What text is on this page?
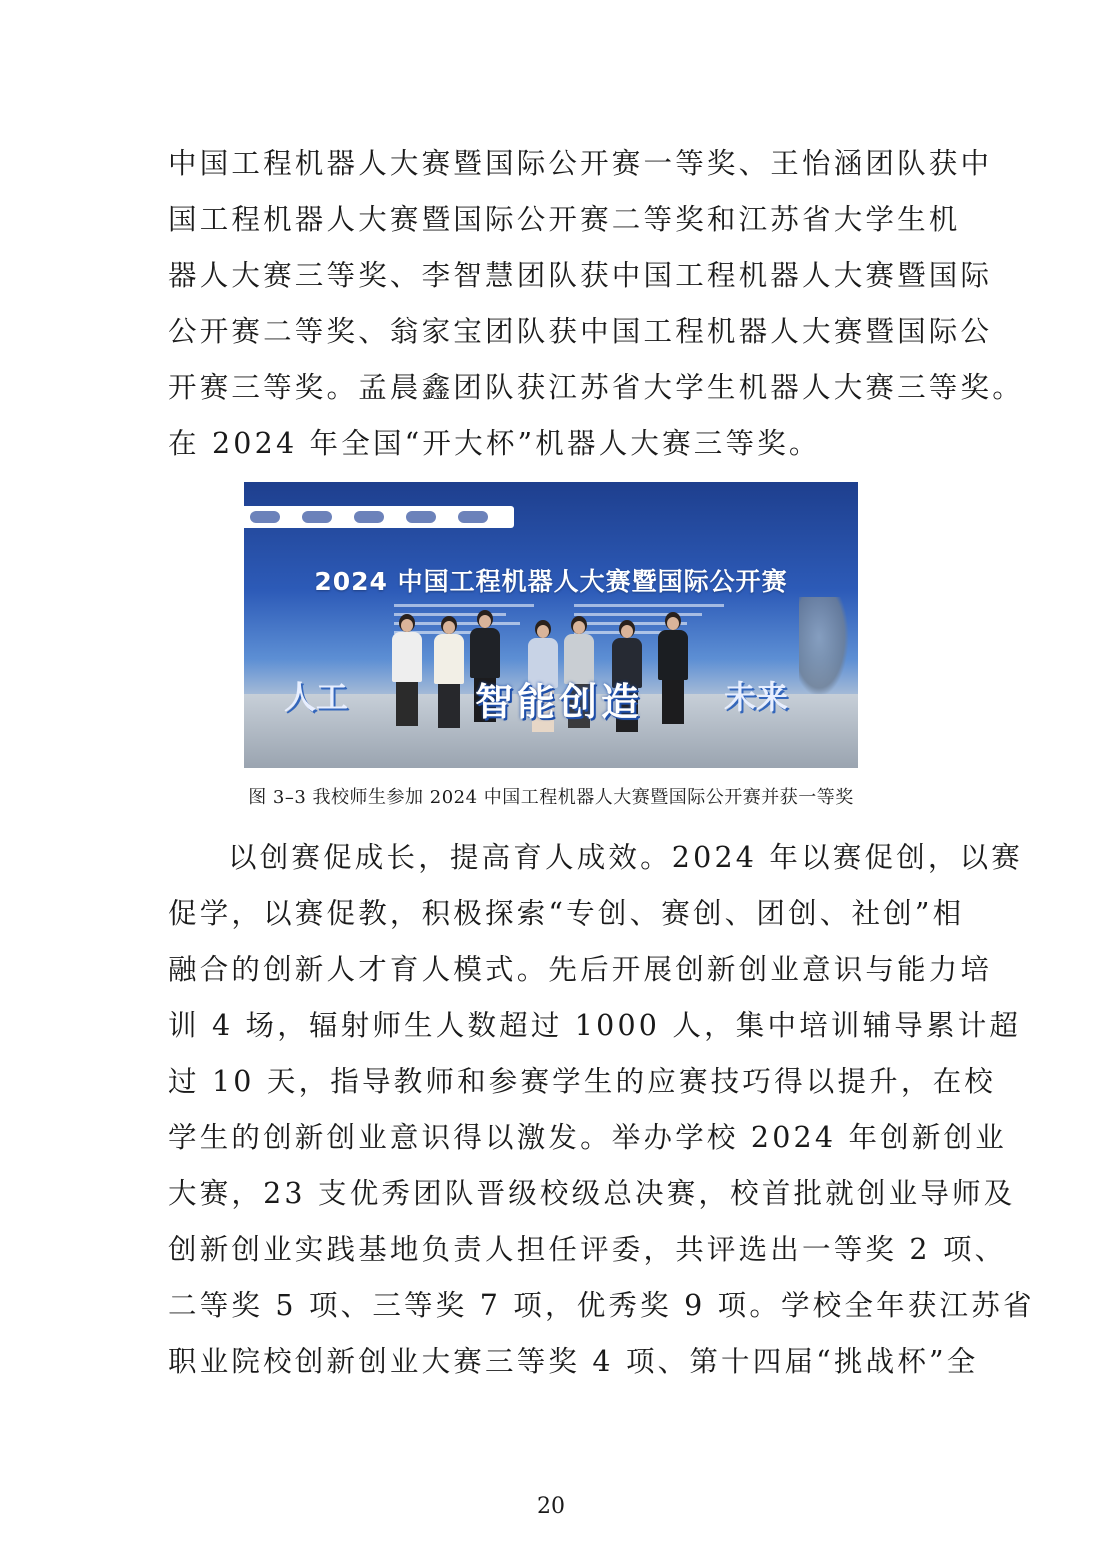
中国工程机器人大赛暨国际公开赛一等奖、王怡涵团队获中
国工程机器人大赛暨国际公开赛二等奖和江苏省大学生机
器人大赛三等奖、李智慧团队获中国工程机器人大赛暨国际
公开赛二等奖、翁家宝团队获中国工程机器人大赛暨国际公
开赛三等奖。孟晨鑫团队获江苏省大学生机器人大赛三等奖。
在 2024 年全国“开大杯”机器人大赛三等奖。
2024 中国工程机器人大赛暨国际公开赛
人工	未来
智能创造
图 3–3 我校师生参加 2024 中国工程机器人大赛暨国际公开赛并获一等奖
以创赛促成长，提高育人成效。2024 年以赛促创，以赛
促学，以赛促教，积极探索“专创、赛创、团创、社创”相
融合的创新人才育人模式。先后开展创新创业意识与能力培
训 4 场，辐射师生人数超过 1000 人，集中培训辅导累计超
过 10 天，指导教师和参赛学生的应赛技巧得以提升，在校
学生的创新创业意识得以激发。举办学校 2024 年创新创业
大赛，23 支优秀团队晋级校级总决赛，校首批就创业导师及
创新创业实践基地负责人担任评委，共评选出一等奖 2 项、
二等奖 5 项、三等奖 7 项，优秀奖 9 项。学校全年获江苏省
职业院校创新创业大赛三等奖 4 项、第十四届“挑战杯”全
20
